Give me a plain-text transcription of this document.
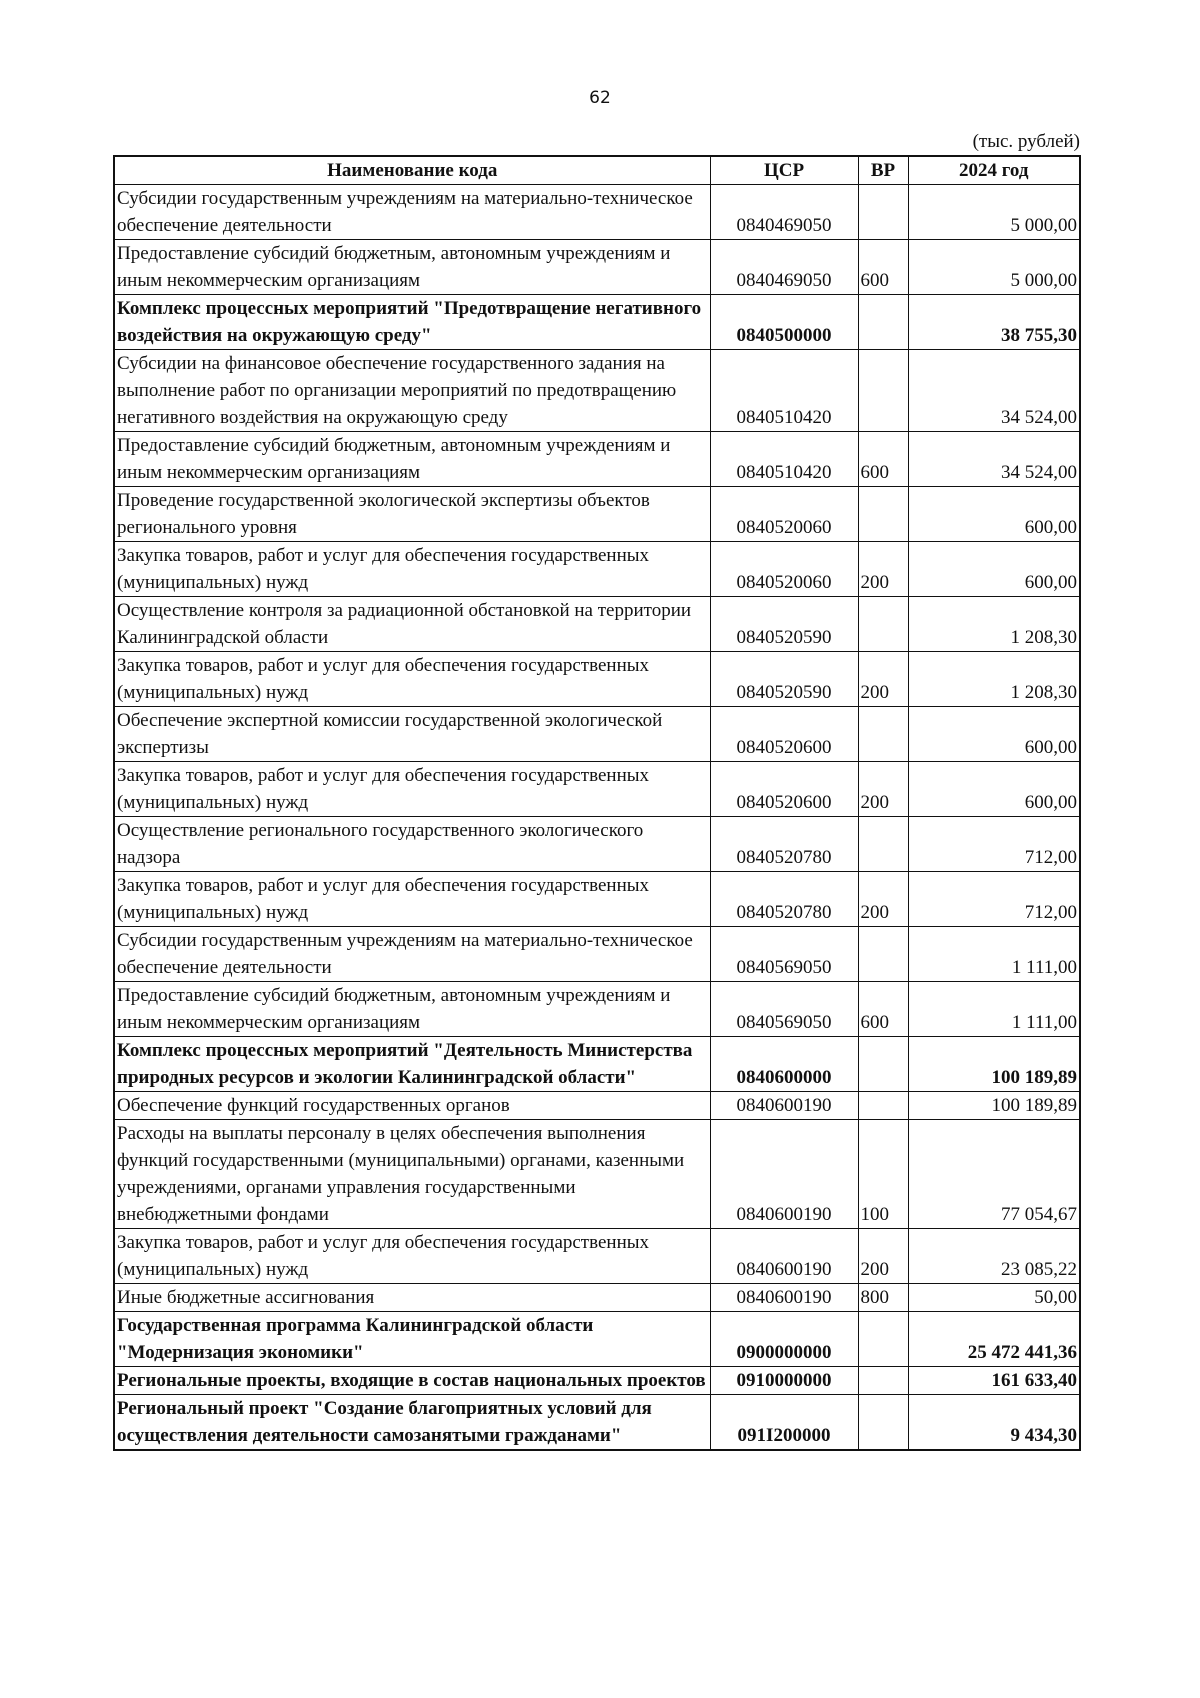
62
(тыс. рублей)
Наименование кода	ЦСР	ВР	2024 год
Субсидии государственным учреждениям на материально-техническое обеспечение деятельности	0840469050		5 000,00
Предоставление субсидий бюджетным, автономным учреждениям и иным некоммерческим организациям	0840469050	600	5 000,00
Комплекс процессных мероприятий "Предотвращение негативного воздействия на окружающую среду"	0840500000		38 755,30
Субсидии на финансовое обеспечение государственного задания на выполнение работ по организации мероприятий по предотвращению негативного воздействия на окружающую среду	0840510420		34 524,00
Предоставление субсидий бюджетным, автономным учреждениям и иным некоммерческим организациям	0840510420	600	34 524,00
Проведение государственной экологической экспертизы объектов регионального уровня	0840520060		600,00
Закупка товаров, работ и услуг для обеспечения государственных (муниципальных) нужд	0840520060	200	600,00
Осуществление контроля за радиационной обстановкой на территории Калининградской области	0840520590		1 208,30
Закупка товаров, работ и услуг для обеспечения государственных (муниципальных) нужд	0840520590	200	1 208,30
Обеспечение экспертной комиссии государственной экологической экспертизы	0840520600		600,00
Закупка товаров, работ и услуг для обеспечения государственных (муниципальных) нужд	0840520600	200	600,00
Осуществление регионального государственного экологического надзора	0840520780		712,00
Закупка товаров, работ и услуг для обеспечения государственных (муниципальных) нужд	0840520780	200	712,00
Субсидии государственным учреждениям на материально-техническое обеспечение деятельности	0840569050		1 111,00
Предоставление субсидий бюджетным, автономным учреждениям и иным некоммерческим организациям	0840569050	600	1 111,00
Комплекс процессных мероприятий "Деятельность Министерства природных ресурсов и экологии Калининградской области"	0840600000		100 189,89
Обеспечение функций государственных органов	0840600190		100 189,89
Расходы на выплаты персоналу в целях обеспечения выполнения функций государственными (муниципальными) органами, казенными учреждениями, органами управления государственными внебюджетными фондами	0840600190	100	77 054,67
Закупка товаров, работ и услуг для обеспечения государственных (муниципальных) нужд	0840600190	200	23 085,22
Иные бюджетные ассигнования	0840600190	800	50,00
Государственная программа Калининградской области "Модернизация экономики"	0900000000		25 472 441,36
Региональные проекты, входящие в состав национальных проектов	0910000000		161 633,40
Региональный проект "Создание благоприятных условий для осуществления деятельности самозанятыми гражданами"	091I200000		9 434,30
